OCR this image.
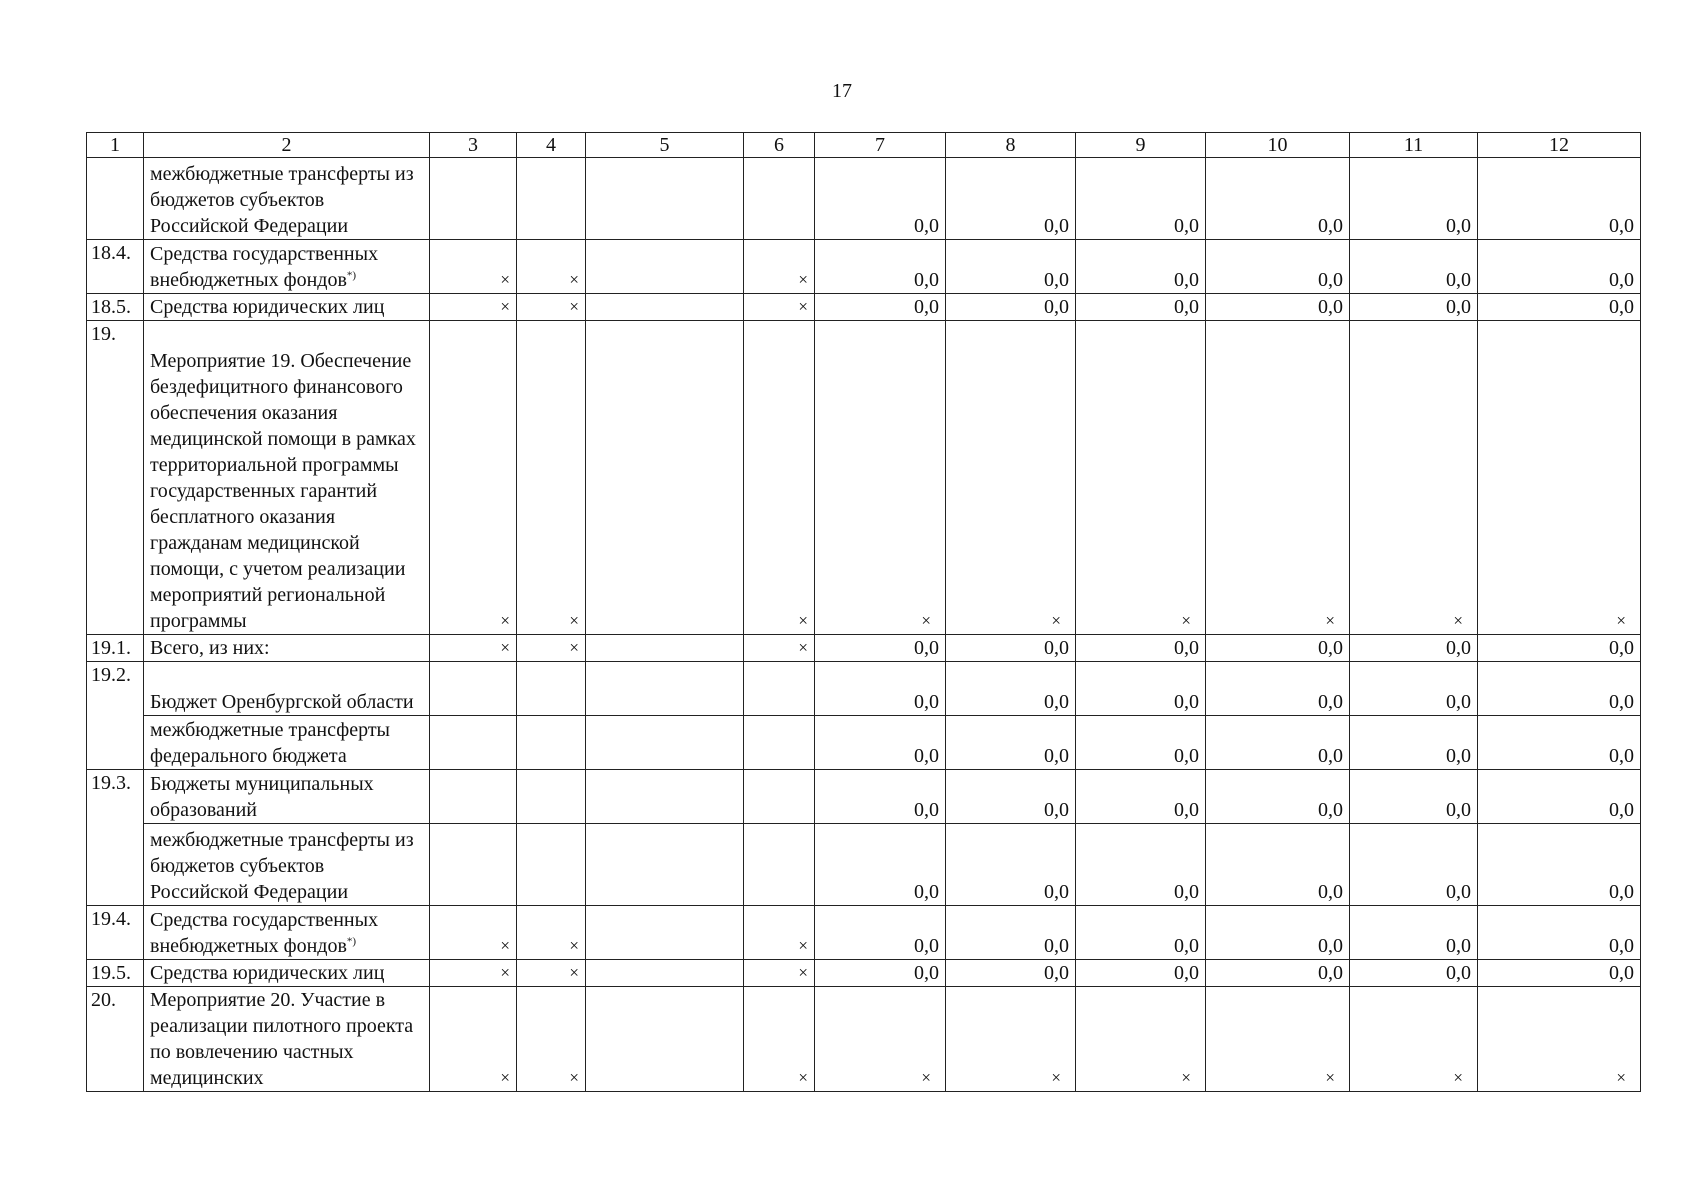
17
1	2	3	4	5	6	7	8	9	10	11	12
	межбюджетные трансферты из бюджетов субъектов Российской Федерации					0,0	0,0	0,0	0,0	0,0	0,0
18.4.	Средства государственных внебюджетных фондов*)	×	×		×	0,0	0,0	0,0	0,0	0,0	0,0
18.5.	Средства юридических лиц	×	×		×	0,0	0,0	0,0	0,0	0,0	0,0
19.	Мероприятие 19. Обеспечение бездефицитного финансового обеспечения оказания медицинской помощи в рамках территориальной программы государственных гарантий бесплатного оказания гражданам медицинской помощи, с учетом реализации мероприятий региональной программы	×	×		×	×	×	×	×	×	×
19.1.	Всего, из них:	×	×		×	0,0	0,0	0,0	0,0	0,0	0,0
19.2.	Бюджет Оренбургской области					0,0	0,0	0,0	0,0	0,0	0,0
	межбюджетные трансферты федерального бюджета					0,0	0,0	0,0	0,0	0,0	0,0
19.3.	Бюджеты муниципальных образований					0,0	0,0	0,0	0,0	0,0	0,0
	межбюджетные трансферты из бюджетов субъектов Российской Федерации					0,0	0,0	0,0	0,0	0,0	0,0
19.4.	Средства государственных внебюджетных фондов*)	×	×		×	0,0	0,0	0,0	0,0	0,0	0,0
19.5.	Средства юридических лиц	×	×		×	0,0	0,0	0,0	0,0	0,0	0,0
20.	Мероприятие 20. Участие в реализации пилотного проекта по вовлечению частных медицинских	×	×		×	×	×	×	×	×	×
